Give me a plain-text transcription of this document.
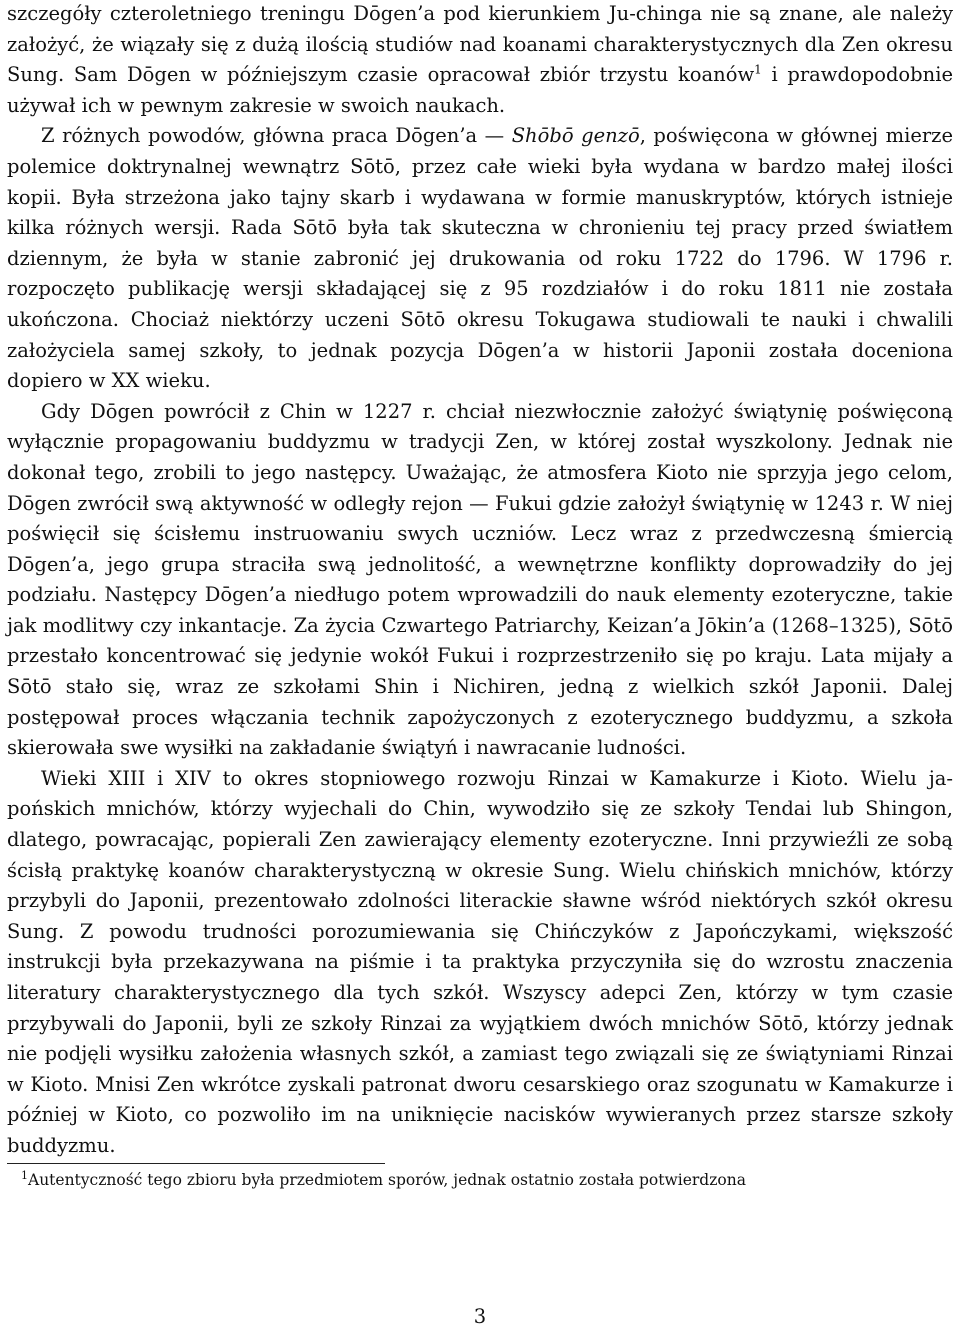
szczegóły czteroletniego treningu Dōgen’a pod kierunkiem Ju-chinga nie są znane, ale należy założyć, że wiązały się z dużą ilością studiów nad koanami charakterystycznych dla Zen okresu Sung. Sam Dōgen w późniejszym czasie opracował zbiór trzystu koanów$^1$ i prawdopodobnie używał ich w pewnym zakresie w swoich naukach.

Z różnych powodów, główna praca Dōgen’a — Shōbō genzō, poświęcona w głównej mierze polemice doktrynalnej wewnątrz Sōtō, przez całe wieki była wydana w bardzo małej ilości kopii. Była strzeżona jako tajny skarb i wydawana w formie manuskryptów, których istnieje kilka różnych wersji. Rada Sōtō była tak skuteczna w chronieniu tej pracy przed światłem dziennym, że była w stanie zabronić jej drukowania od roku 1722 do 1796. W 1796 r. rozpoczęto publikację wersji składającej się z 95 rozdziałów i do roku 1811 nie została ukończona. Chociaż niektórzy uczeni Sōtō okresu Tokugawa studiowali te nauki i chwalili założyciela samej szkoły, to jednak pozycja Dōgen’a w historii Japonii została doceniona dopiero w XX wieku.

Gdy Dōgen powrócił z Chin w 1227 r. chciał niezwłocznie założyć świątynię poświęconą wyłącznie propagowaniu buddyzmu w tradycji Zen, w której został wyszkolony. Jednak nie dokonał tego, zrobili to jego następcy. Uważając, że atmosfera Kioto nie sprzyja jego celom, Dōgen zwrócił swą aktywność w odległy rejon — Fukui gdzie założył świątynię w 1243 r. W niej poświęcił się ścisłemu instruowaniu swych uczniów. Lecz wraz z przedwczesną śmiercią Dōgen’a, jego grupa straciła swą jednolitość, a wewnętrzne konflikty doprowadziły do jej podziału. Następcy Dōgen’a niedługo potem wprowadzili do nauk elementy ezoteryczne, takie jak modlitwy czy inkantacje. Za życia Czwartego Patriarchy, Keizan’a Jōkin’a (1268–1325), Sōtō przestało koncentrować się jedynie wokół Fukui i rozprzestrzeniło się po kraju. Lata mijały a Sōtō stało się, wraz ze szkołami Shin i Nichiren, jedną z wielkich szkół Japonii. Dalej postępował proces włączania technik zapożyczonych z ezoterycznego buddyzmu, a szkoła skierowała swe wysiłki na zakładanie świątyń i nawracanie ludności.

Wieki XIII i XIV to okres stopniowego rozwoju Rinzai w Kamakurze i Kioto. Wielu japońskich mnichów, którzy wyjechali do Chin, wywodziło się ze szkoły Tendai lub Shingon, dlatego, powracając, popierali Zen zawierający elementy ezoteryczne. Inni przywieźli ze sobą ścisłą praktykę koanów charakterystyczną w okresie Sung. Wielu chińskich mnichów, którzy przybyli do Japonii, prezentowało zdolności literackie sławne wśród niektórych szkół okresu Sung. Z powodu trudności porozumiewania się Chińczyków z Japończykami, większość instrukcji była przekazywana na piśmie i ta praktyka przyczyniła się do wzrostu znaczenia literatury charakterystycznego dla tych szkół. Wszyscy adepci Zen, którzy w tym czasie przybywali do Japonii, byli ze szkoły Rinzai za wyjątkiem dwóch mnichów Sōtō, którzy jednak nie podjęli wysiłku założenia własnych szkół, a zamiast tego związali się ze świątyniami Rinzai w Kioto. Mnisi Zen wkrótce zyskali patronat dworu cesarskiego oraz szogunatu w Kamakurze i później w Kioto, co pozwoliło im na uniknięcie nacisków wywieranych przez starsze szkoły buddyzmu.

$^1$Autentyczność tego zbioru była przedmiotem sporów, jednak ostatnio została potwierdzona
3
